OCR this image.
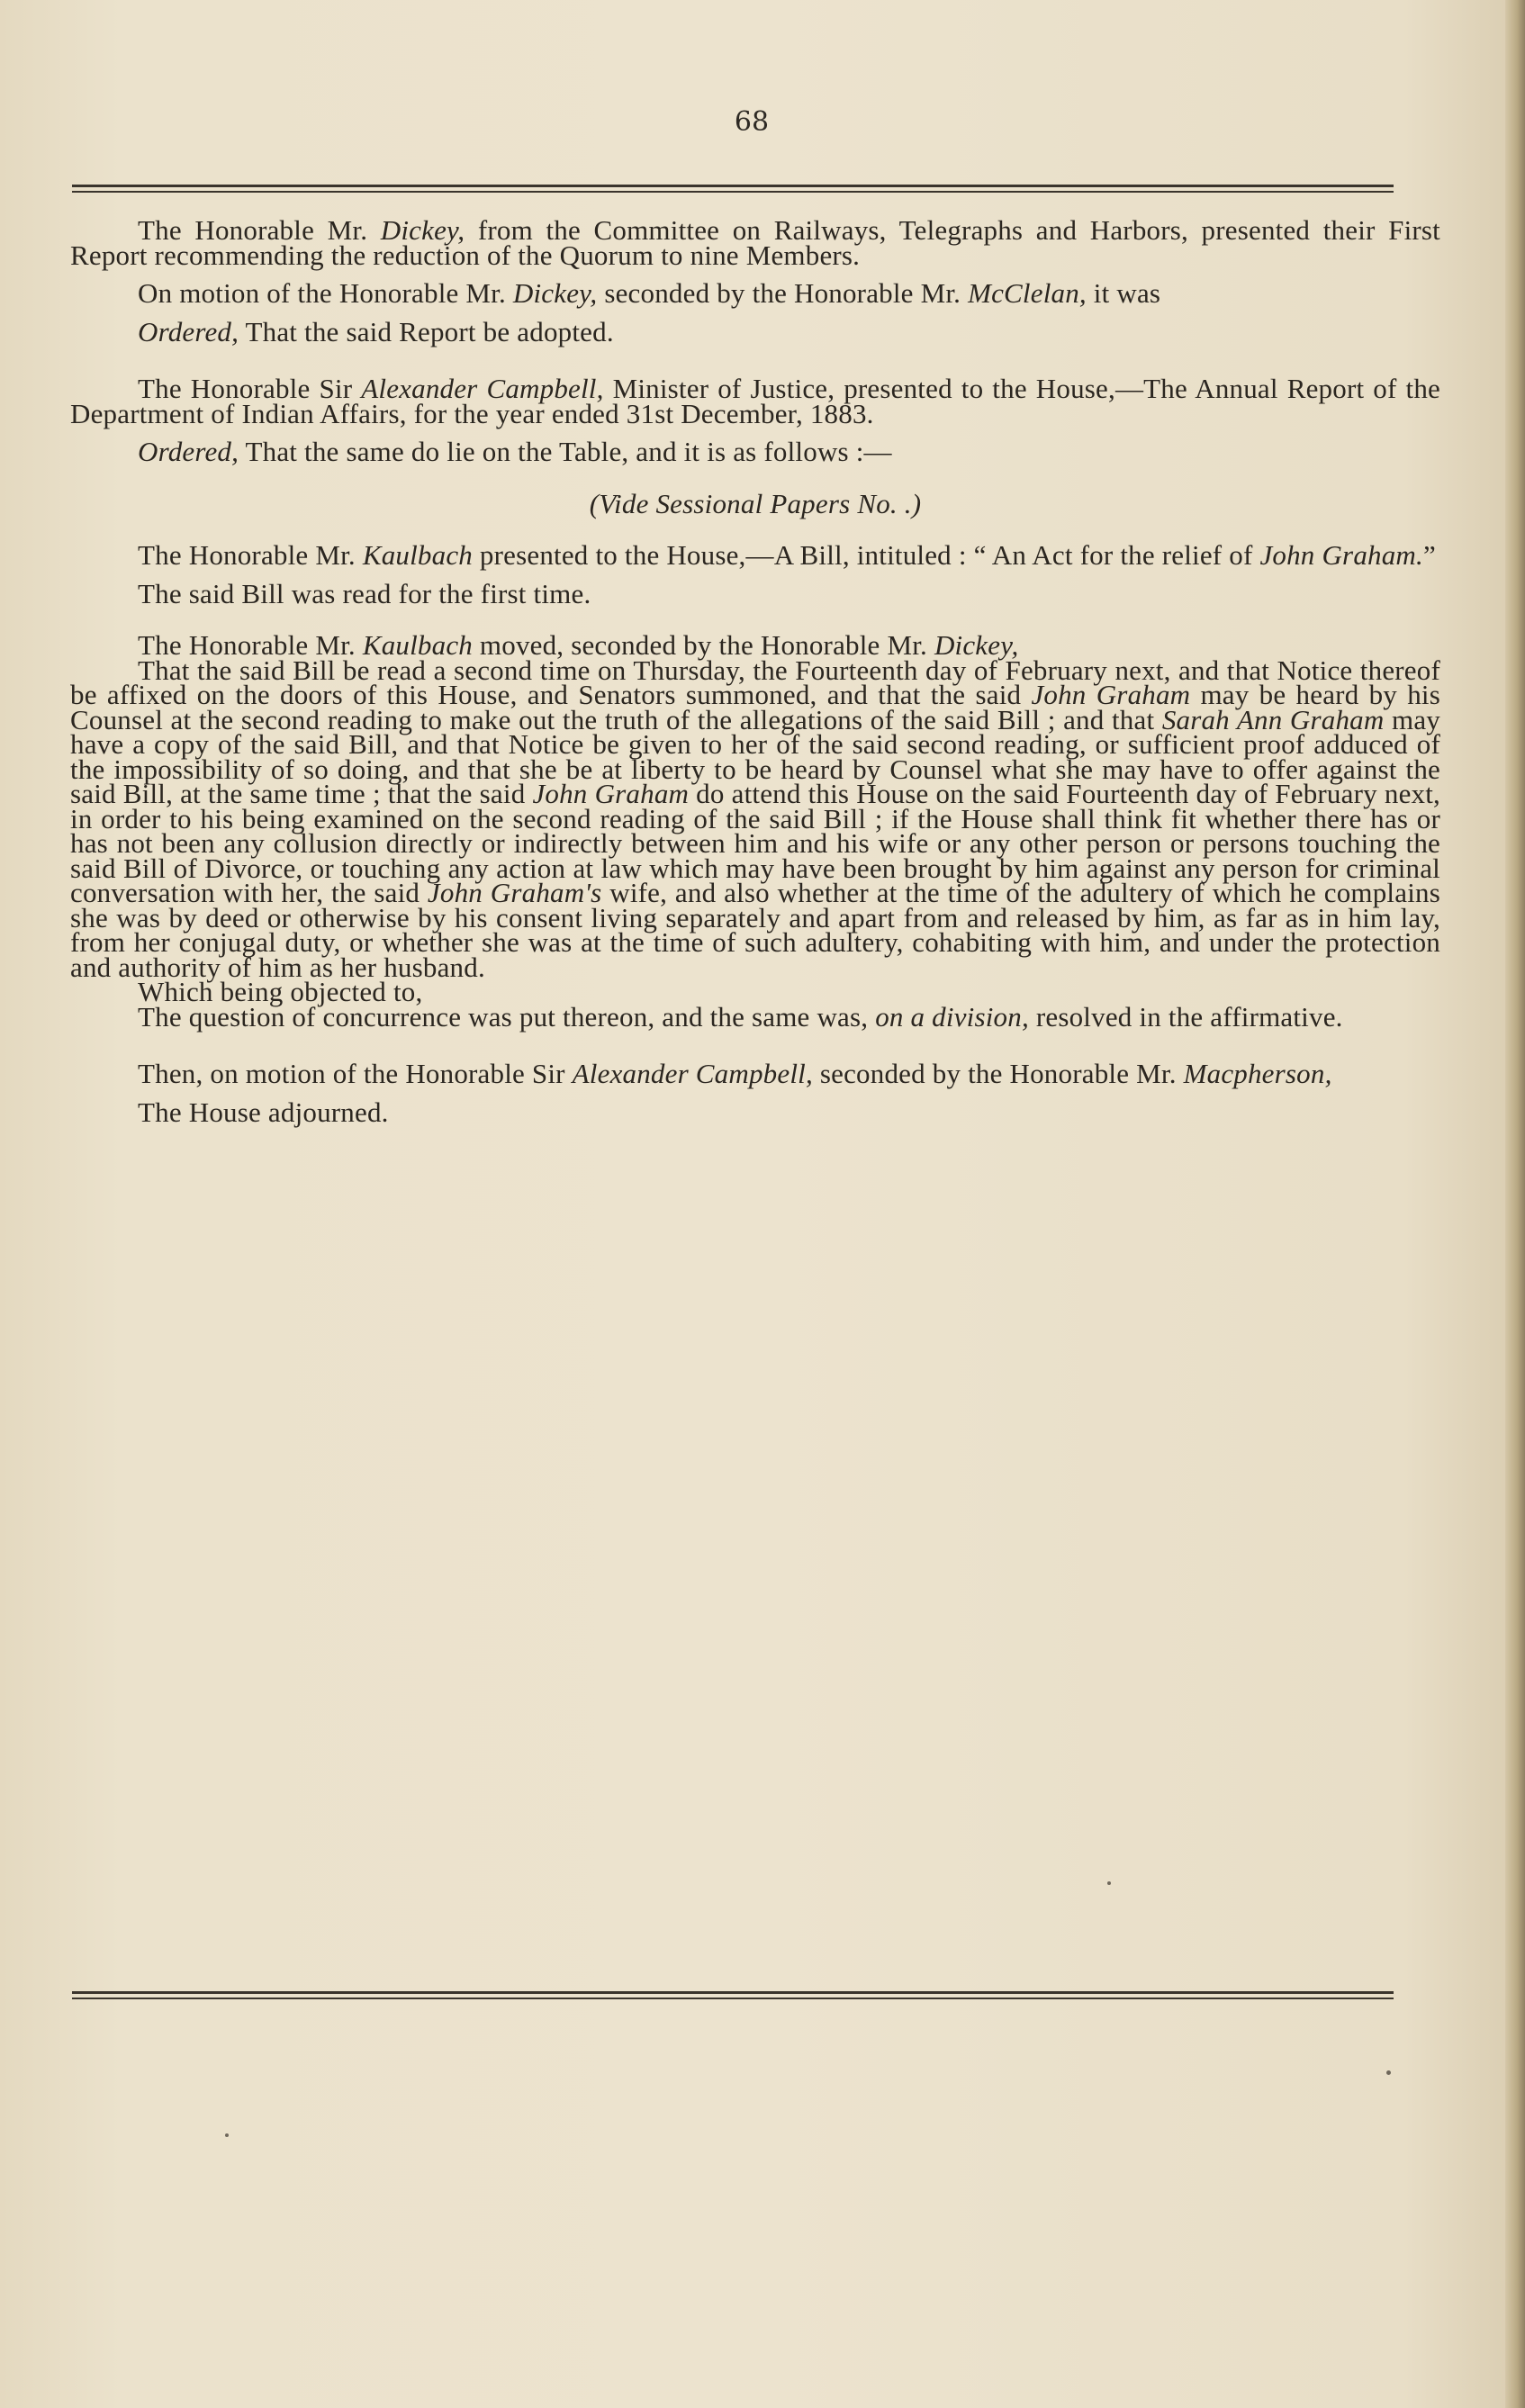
68

The Honorable Mr. Dickey, from the Committee on Railways, Telegraphs and Harbors, presented their First Report recommending the reduction of the Quorum to nine Members.

On motion of the Honorable Mr. Dickey, seconded by the Honorable Mr. McClelan, it was

Ordered, That the said Report be adopted.

The Honorable Sir Alexander Campbell, Minister of Justice, presented to the House,—The Annual Report of the Department of Indian Affairs, for the year ended 31st December, 1883.

Ordered, That the same do lie on the Table, and it is as follows :—

(Vide Sessional Papers No. .)

The Honorable Mr. Kaulbach presented to the House,—A Bill, intituled : “ An Act for the relief of John Graham.”

The said Bill was read for the first time.

The Honorable Mr. Kaulbach moved, seconded by the Honorable Mr. Dickey,

That the said Bill be read a second time on Thursday, the Fourteenth day of February next, and that Notice thereof be affixed on the doors of this House, and Senators summoned, and that the said John Graham may be heard by his Counsel at the second reading to make out the truth of the allegations of the said Bill ; and that Sarah Ann Graham may have a copy of the said Bill, and that Notice be given to her of the said second reading, or sufficient proof adduced of the impossibility of so doing, and that she be at liberty to be heard by Counsel what she may have to offer against the said Bill, at the same time ; that the said John Graham do attend this House on the said Fourteenth day of February next, in order to his being examined on the second reading of the said Bill ; if the House shall think fit whether there has or has not been any collusion directly or indirectly between him and his wife or any other person or persons touching the said Bill of Divorce, or touching any action at law which may have been brought by him against any person for criminal conversation with her, the said John Graham's wife, and also whether at the time of the adultery of which he complains she was by deed or otherwise by his consent living separately and apart from and released by him, as far as in him lay, from her conjugal duty, or whether she was at the time of such adultery, cohabiting with him, and under the protection and authority of him as her husband.

Which being objected to,

The question of concurrence was put thereon, and the same was, on a division, resolved in the affirmative.

Then, on motion of the Honorable Sir Alexander Campbell, seconded by the Honorable Mr. Macpherson,

The House adjourned.
